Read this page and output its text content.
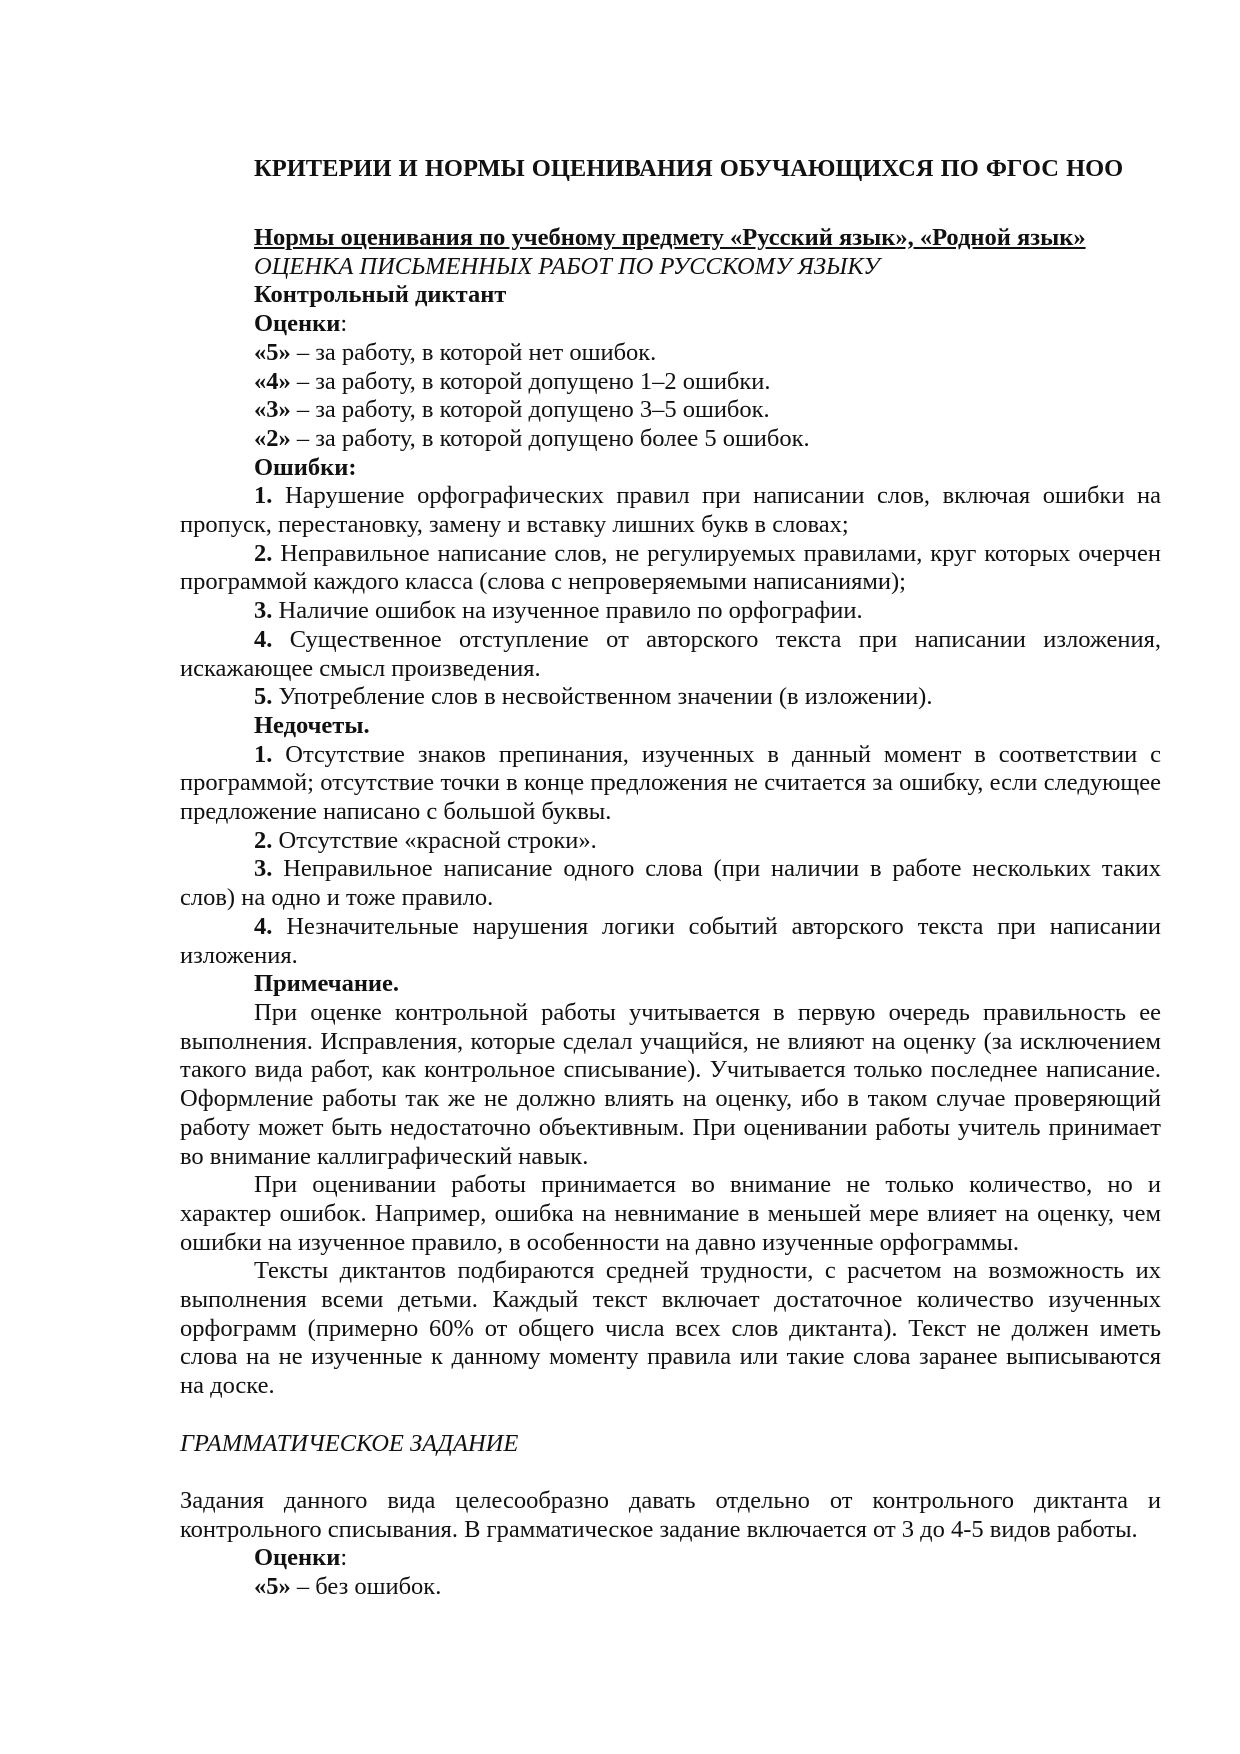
КРИТЕРИИ И НОРМЫ ОЦЕНИВАНИЯ ОБУЧАЮЩИХСЯ ПО ФГОС НОО

Нормы оценивания по учебному предмету «Русский язык», «Родной язык»

ОЦЕНКА ПИСЬМЕННЫХ РАБОТ ПО РУССКОМУ ЯЗЫКУ

Контрольный диктант

Оценки:

«5» – за работу, в которой нет ошибок.

«4» – за работу, в которой допущено 1–2 ошибки.

«3» – за работу, в которой допущено 3–5 ошибок.

«2» – за работу, в которой допущено более 5 ошибок.

Ошибки:

1. Нарушение орфографических правил при написании слов, включая ошибки на пропуск, перестановку, замену и вставку лишних букв в словах;

2. Неправильное написание слов, не регулируемых правилами, круг которых очерчен программой каждого класса (слова с непроверяемыми написаниями);

3. Наличие ошибок на изученное правило по орфографии.

4. Существенное отступление от авторского текста при написании изложения, искажающее смысл произведения.

5. Употребление слов в несвойственном значении (в изложении).

Недочеты.

1. Отсутствие знаков препинания, изученных в данный момент в соответствии с программой; отсутствие точки в конце предложения не считается за ошибку, если следующее предложение написано с большой буквы.

2. Отсутствие «красной строки».

3. Неправильное написание одного слова (при наличии в работе нескольких таких слов) на одно и тоже правило.

4. Незначительные нарушения логики событий авторского текста при написании изложения.

Примечание.

При оценке контрольной работы учитывается в первую очередь правильность ее выполнения. Исправления, которые сделал учащийся, не влияют на оценку (за исключением такого вида работ, как контрольное списывание). Учитывается только последнее написание. Оформление работы так же не должно влиять на оценку, ибо в таком случае проверяющий работу может быть недостаточно объективным. При оценивании работы учитель принимает во внимание каллиграфический навык.

При оценивании работы принимается во внимание не только количество, но и характер ошибок. Например, ошибка на невнимание в меньшей мере влияет на оценку, чем ошибки на изученное правило, в особенности на давно изученные орфограммы.

Тексты диктантов подбираются средней трудности, с расчетом на возможность их выполнения всеми детьми. Каждый текст включает достаточное количество изученных орфограмм (примерно 60% от общего числа всех слов диктанта). Текст не должен иметь слова на не изученные к данному моменту правила или такие слова заранее выписываются на доске.

ГРАММАТИЧЕСКОЕ ЗАДАНИЕ

Задания данного вида целесообразно давать отдельно от контрольного диктанта и контрольного списывания. В грамматическое задание включается от 3 до 4-5 видов работы.

Оценки:

«5» – без ошибок.
